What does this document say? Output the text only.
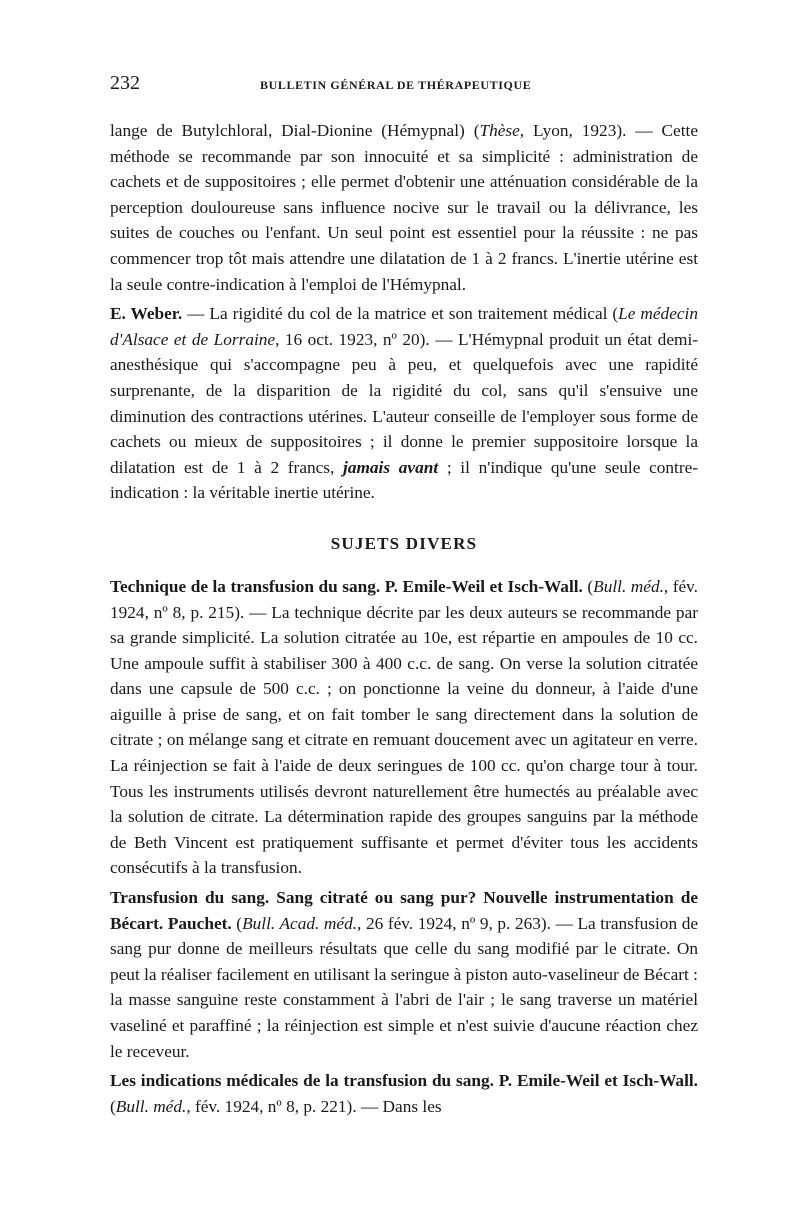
232	BULLETIN GÉNÉRAL DE THÉRAPEUTIQUE

lange de Butylchloral, Dial-Dionine (Hémypnal) (Thèse, Lyon, 1923). — Cette méthode se recommande par son innocuité et sa simplicité : administration de cachets et de suppositoires ; elle permet d'obtenir une atténuation considérable de la perception douloureuse sans influence nocive sur le travail ou la délivrance, les suites de couches ou l'enfant. Un seul point est essentiel pour la réussite : ne pas commencer trop tôt mais attendre une dilatation de 1 à 2 francs. L'inertie utérine est la seule contre-indication à l'emploi de l'Hémypnal.

E. Weber. — La rigidité du col de la matrice et son traitement médical (Le médecin d'Alsace et de Lorraine, 16 oct. 1923, nº 20). — L'Hémypnal produit un état demi-anesthésique qui s'accompagne peu à peu, et quelquefois avec une rapidité surprenante, de la disparition de la rigidité du col, sans qu'il s'ensuive une diminution des contractions utérines. L'auteur conseille de l'employer sous forme de cachets ou mieux de suppositoires ; il donne le premier suppositoire lorsque la dilatation est de 1 à 2 francs, jamais avant ; il n'indique qu'une seule contre-indication : la véritable inertie utérine.

SUJETS DIVERS

Technique de la transfusion du sang. P. Emile-Weil et Isch-Wall. (Bull. méd., fév. 1924, nº 8, p. 215). — La technique décrite par les deux auteurs se recommande par sa grande simplicité. La solution citratée au 10e, est répartie en ampoules de 10 cc. Une ampoule suffit à stabiliser 300 à 400 c.c. de sang. On verse la solution citratée dans une capsule de 500 c.c. ; on ponctionne la veine du donneur, à l'aide d'une aiguille à prise de sang, et on fait tomber le sang directement dans la solution de citrate ; on mélange sang et citrate en remuant doucement avec un agitateur en verre. La réinjection se fait à l'aide de deux seringues de 100 cc. qu'on charge tour à tour. Tous les instruments utilisés devront naturellement être humectés au préalable avec la solution de citrate. La détermination rapide des groupes sanguins par la méthode de Beth Vincent est pratiquement suffisante et permet d'éviter tous les accidents consécutifs à la transfusion.

Transfusion du sang. Sang citraté ou sang pur? Nouvelle instrumentation de Bécart. Pauchet. (Bull. Acad. méd., 26 fév. 1924, nº 9, p. 263). — La transfusion de sang pur donne de meilleurs résultats que celle du sang modifié par le citrate. On peut la réaliser facilement en utilisant la seringue à piston auto-vaselineur de Bécart : la masse sanguine reste constamment à l'abri de l'air ; le sang traverse un matériel vaseliné et paraffiné ; la réinjection est simple et n'est suivie d'aucune réaction chez le receveur.

Les indications médicales de la transfusion du sang. P. Emile-Weil et Isch-Wall. (Bull. méd., fév. 1924, nº 8, p. 221). — Dans les
